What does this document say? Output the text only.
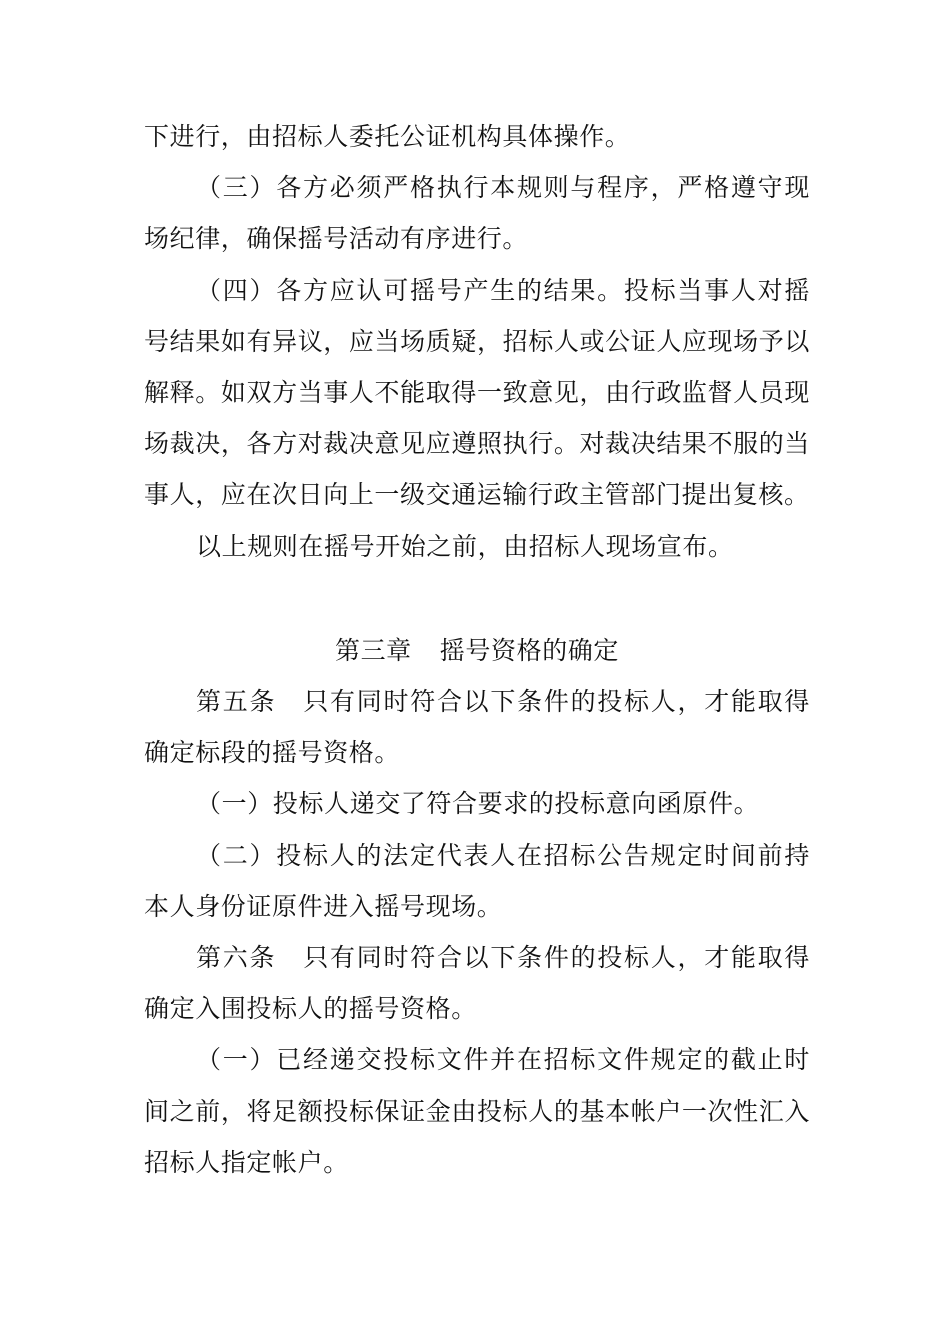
下进行，由招标人委托公证机构具体操作。

（三）各方必须严格执行本规则与程序，严格遵守现场纪律，确保摇号活动有序进行。

（四）各方应认可摇号产生的结果。投标当事人对摇号结果如有异议，应当场质疑，招标人或公证人应现场予以解释。如双方当事人不能取得一致意见，由行政监督人员现场裁决，各方对裁决意见应遵照执行。对裁决结果不服的当事人，应在次日向上一级交通运输行政主管部门提出复核。

以上规则在摇号开始之前，由招标人现场宣布。

第三章 摇号资格的确定

第五条 只有同时符合以下条件的投标人，才能取得确定标段的摇号资格。

（一）投标人递交了符合要求的投标意向函原件。

（二）投标人的法定代表人在招标公告规定时间前持本人身份证原件进入摇号现场。

第六条 只有同时符合以下条件的投标人，才能取得确定入围投标人的摇号资格。

（一）已经递交投标文件并在招标文件规定的截止时间之前，将足额投标保证金由投标人的基本帐户一次性汇入招标人指定帐户。
